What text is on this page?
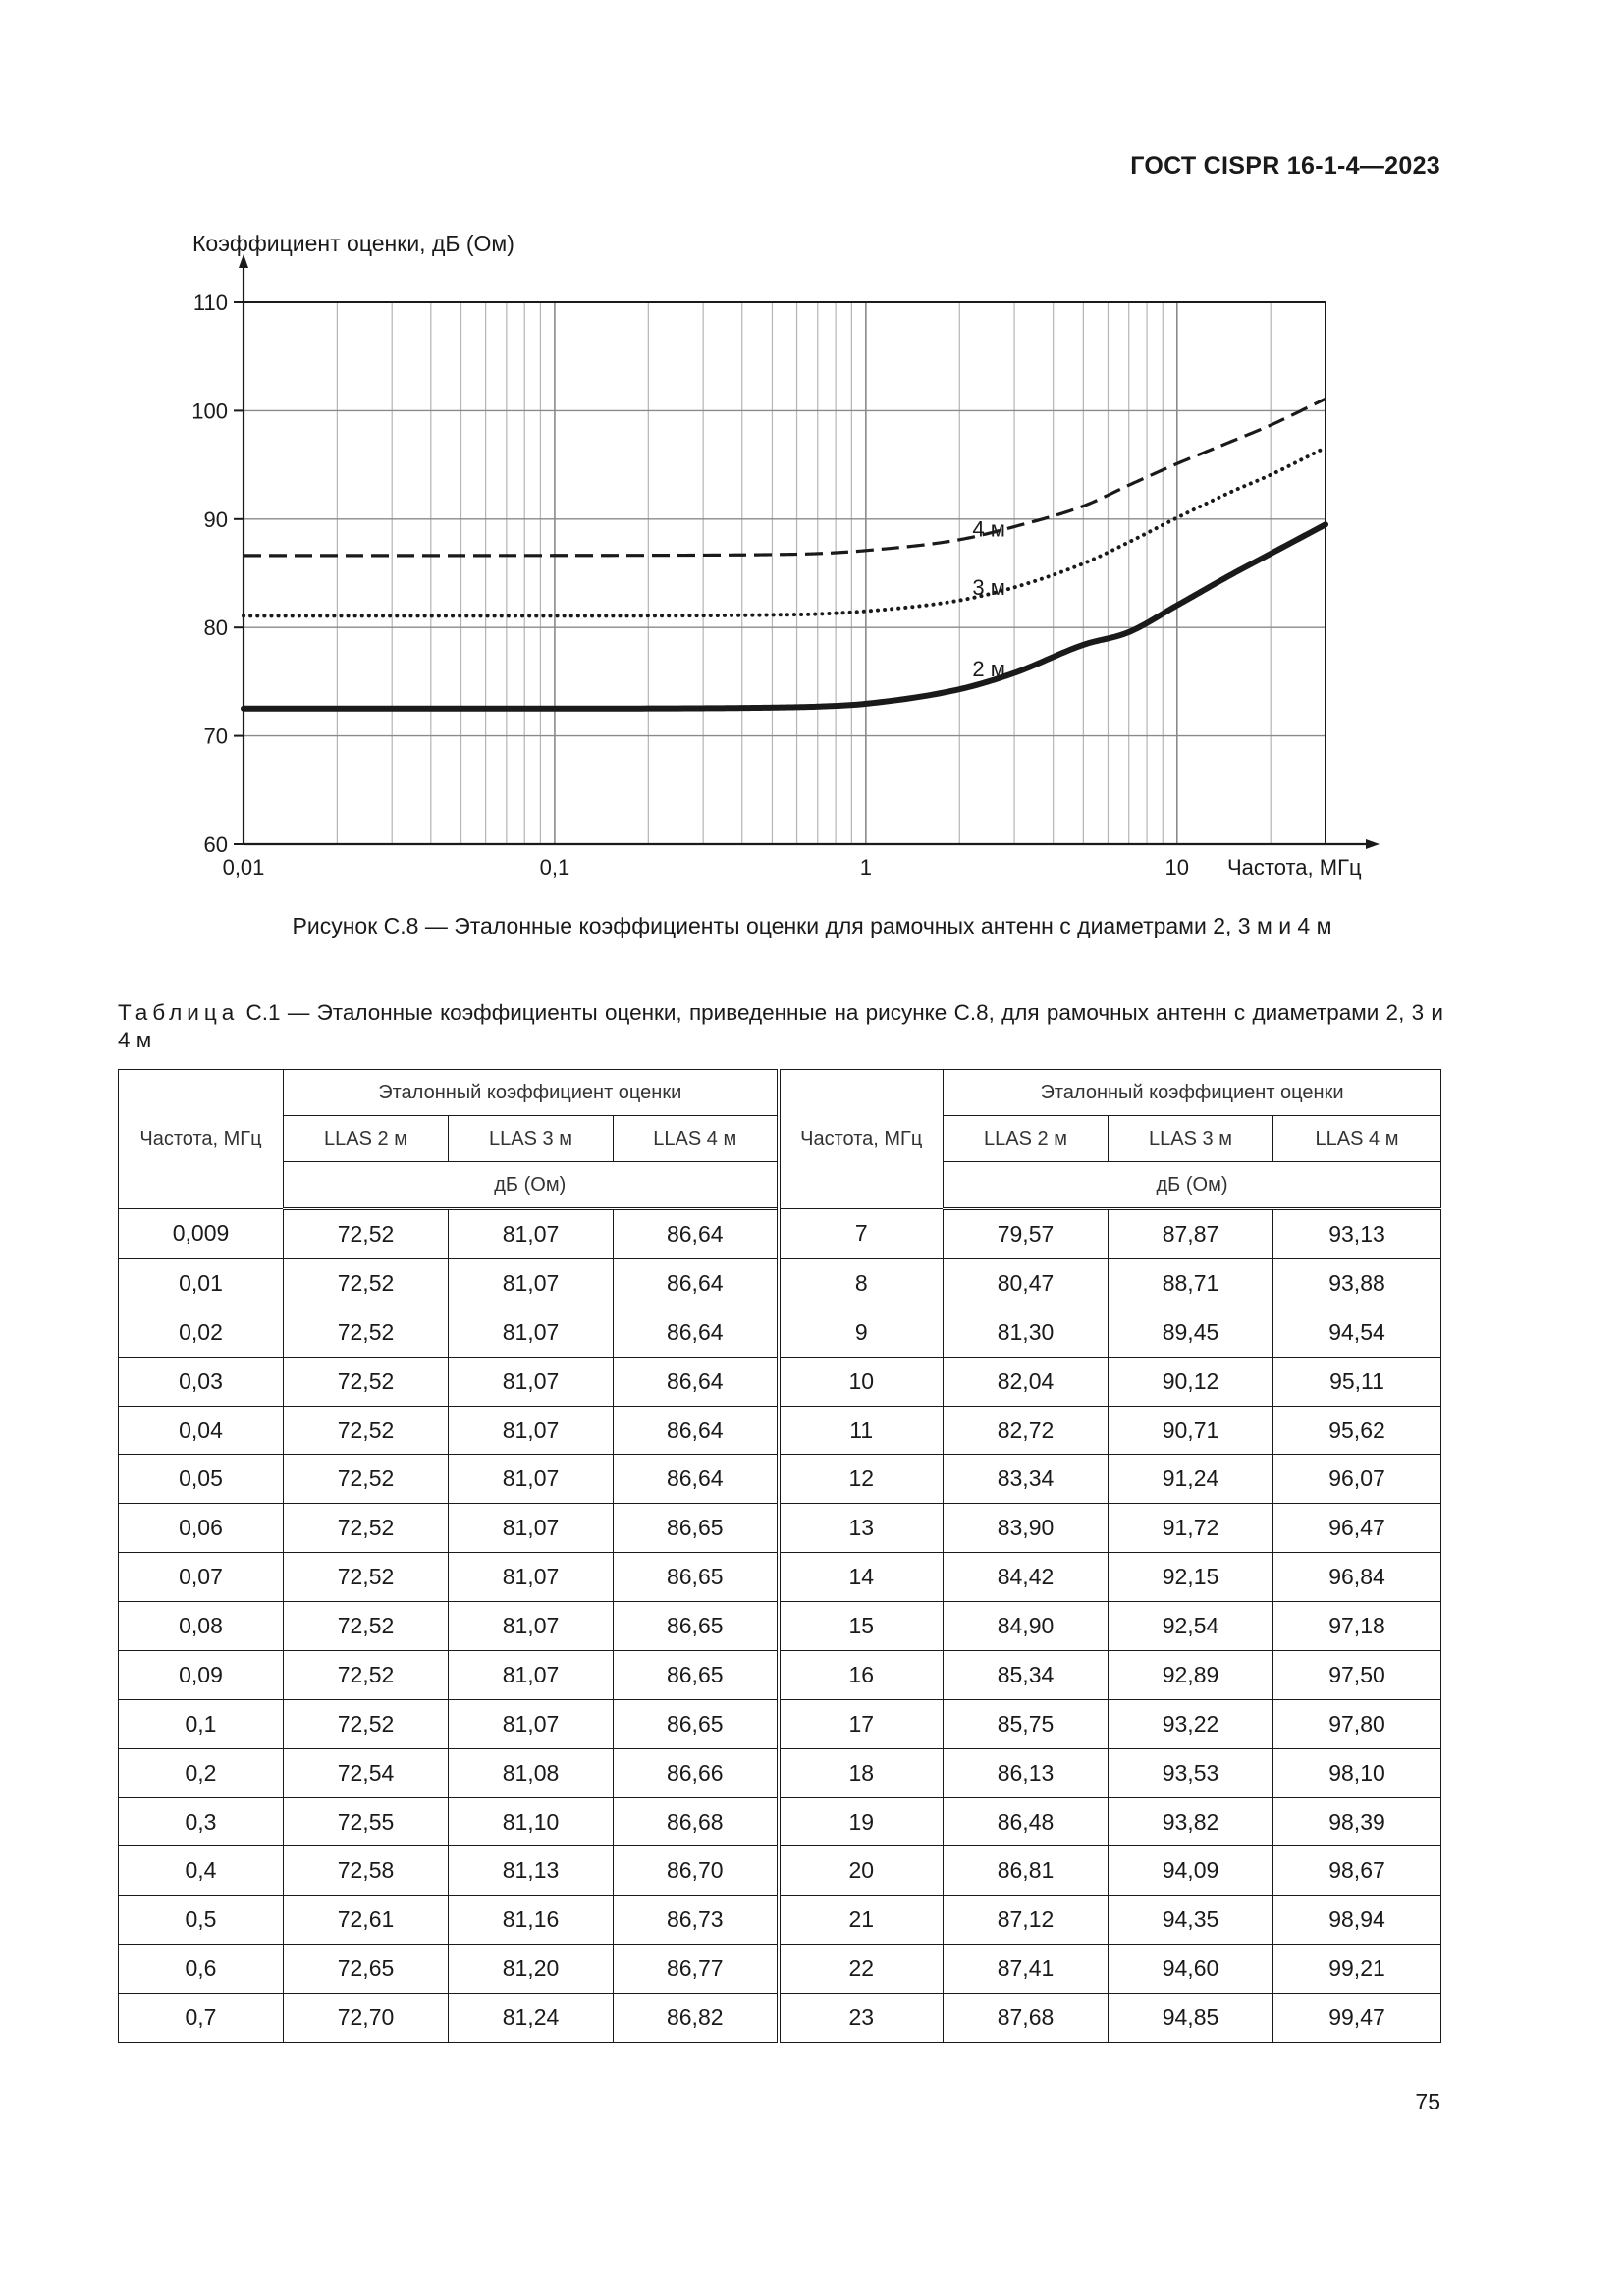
ГОСТ CISPR 16-1-4—2023
60
70
80
90
100
110
0,01	0,1	1	10
Коэффициент оценки, дБ (Ом)
Частота, МГц
2 м
3 м
4 м
Рисунок С.8 — Эталонные коэффициенты оценки для рамочных антенн с диаметрами 2, 3 м и 4 м
Таблица С.1 — Эталонные коэффициенты оценки, приведенные на рисунке С.8, для рамочных антенн с диаметрами 2, 3 и 4 м
Частота, МГц	Эталонный коэффициент оценки			Частота, МГц	Эталонный коэффициент оценки		
	LLAS 2 м	LLAS 3 м	LLAS 4 м		LLAS 2 м	LLAS 3 м	LLAS 4 м
	дБ (Ом)				дБ (Ом)		
0,009	72,52	81,07	86,64	7	79,57	87,87	93,13
0,01	72,52	81,07	86,64	8	80,47	88,71	93,88
0,02	72,52	81,07	86,64	9	81,30	89,45	94,54
0,03	72,52	81,07	86,64	10	82,04	90,12	95,11
0,04	72,52	81,07	86,64	11	82,72	90,71	95,62
0,05	72,52	81,07	86,64	12	83,34	91,24	96,07
0,06	72,52	81,07	86,65	13	83,90	91,72	96,47
0,07	72,52	81,07	86,65	14	84,42	92,15	96,84
0,08	72,52	81,07	86,65	15	84,90	92,54	97,18
0,09	72,52	81,07	86,65	16	85,34	92,89	97,50
0,1	72,52	81,07	86,65	17	85,75	93,22	97,80
0,2	72,54	81,08	86,66	18	86,13	93,53	98,10
0,3	72,55	81,10	86,68	19	86,48	93,82	98,39
0,4	72,58	81,13	86,70	20	86,81	94,09	98,67
0,5	72,61	81,16	86,73	21	87,12	94,35	98,94
0,6	72,65	81,20	86,77	22	87,41	94,60	99,21
0,7	72,70	81,24	86,82	23	87,68	94,85	99,47
75
